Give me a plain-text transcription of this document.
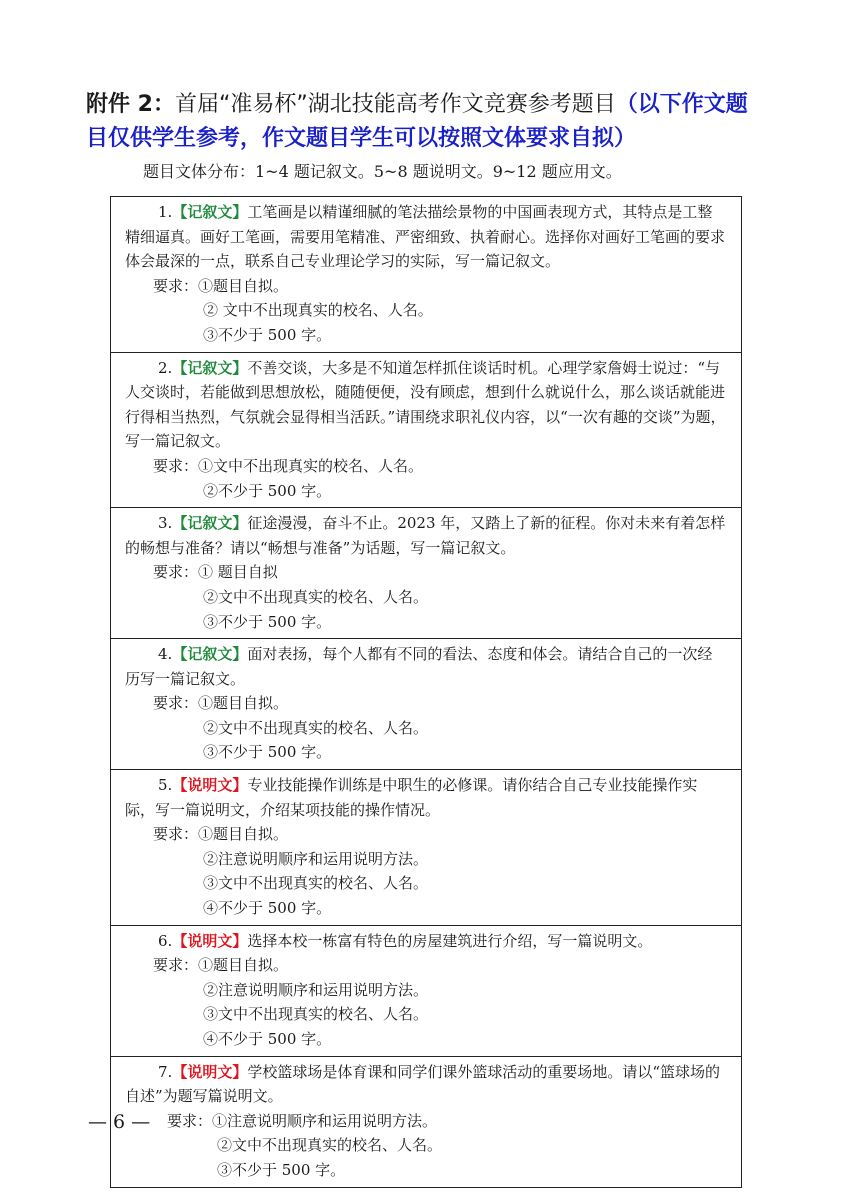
附件 2：首届“准易杯”湖北技能高考作文竞赛参考题目（以下作文题目仅供学生参考，作文题目学生可以按照文体要求自拟）
题目文体分布：1~4 题记叙文。5~8 题说明文。9~12 题应用文。
1.【记叙文】工笔画是以精谨细腻的笔法描绘景物的中国画表现方式，其特点是工整精细逼真。画好工笔画，需要用笔精准、严密细致、执着耐心。选择你对画好工笔画的要求体会最深的一点，联系自己专业理论学习的实际，写一篇记叙文。
要求：①题目自拟。
② 文中不出现真实的校名、人名。
③不少于 500 字。

2.【记叙文】不善交谈，大多是不知道怎样抓住谈话时机。心理学家詹姆士说过：“与人交谈时，若能做到思想放松，随随便便，没有顾虑，想到什么就说什么，那么谈话就能进行得相当热烈，气氛就会显得相当活跃。”请围绕求职礼仪内容，以“一次有趣的交谈”为题，写一篇记叙文。
要求：①文中不出现真实的校名、人名。
②不少于 500 字。

3.【记叙文】征途漫漫，奋斗不止。2023 年，又踏上了新的征程。你对未来有着怎样的畅想与准备？请以“畅想与准备”为话题，写一篇记叙文。
要求：① 题目自拟
②文中不出现真实的校名、人名。
③不少于 500 字。

4.【记叙文】面对表扬，每个人都有不同的看法、态度和体会。请结合自己的一次经历写一篇记叙文。
要求：①题目自拟。
②文中不出现真实的校名、人名。
③不少于 500 字。

5.【说明文】专业技能操作训练是中职生的必修课。请你结合自己专业技能操作实际，写一篇说明文，介绍某项技能的操作情况。
要求：①题目自拟。
②注意说明顺序和运用说明方法。
③文中不出现真实的校名、人名。
④不少于 500 字。

6.【说明文】选择本校一栋富有特色的房屋建筑进行介绍，写一篇说明文。
要求：①题目自拟。
②注意说明顺序和运用说明方法。
③文中不出现真实的校名、人名。
④不少于 500 字。

7.【说明文】学校篮球场是体育课和同学们课外篮球活动的重要场地。请以“篮球场的自述”为题写篇说明文。
要求：①注意说明顺序和运用说明方法。
②文中不出现真实的校名、人名。
③不少于 500 字。
— 6 —
